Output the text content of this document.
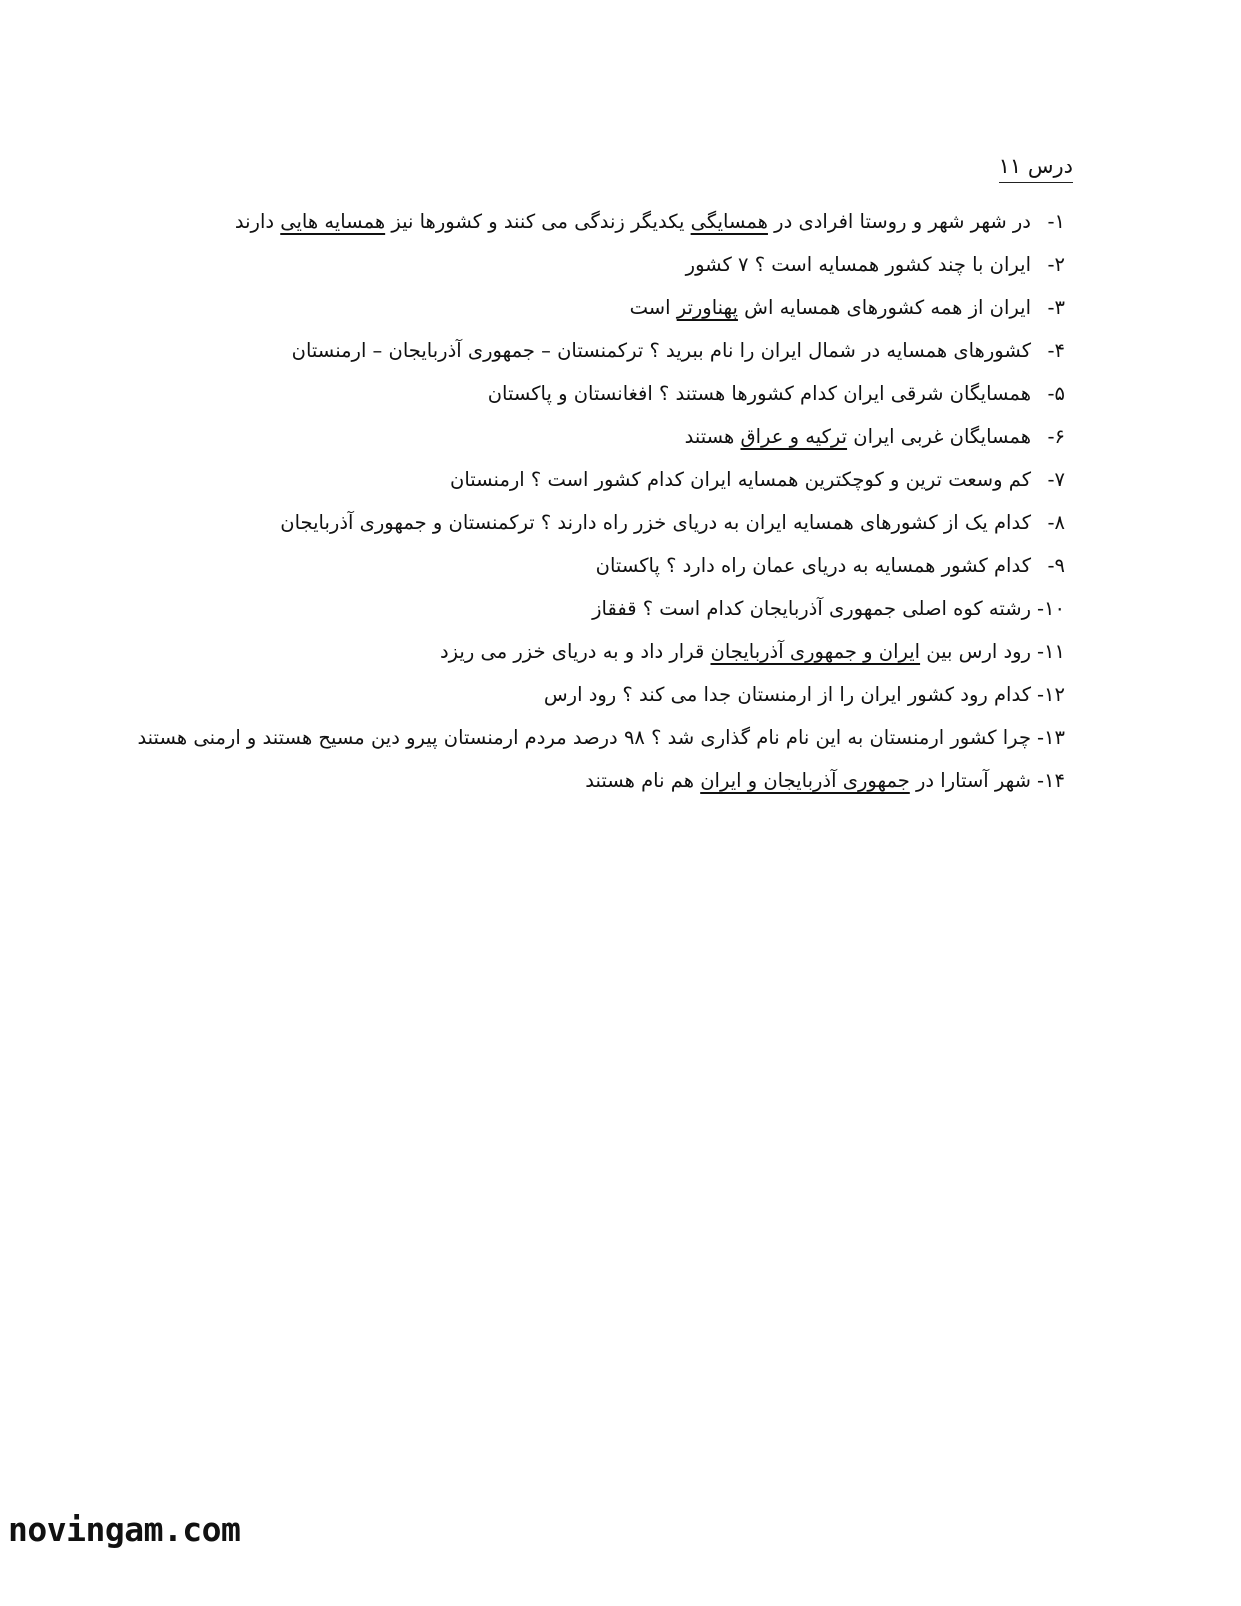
درس ۱۱
۱-در شهر شهر و روستا افرادی در همسایگی یکدیگر زندگی می کنند و کشورها نیز همسایه هایی دارند
۲-ایران با چند کشور همسایه است ؟ ۷ کشور
۳-ایران از همه کشورهای همسایه اش پهناورتر است
۴-کشورهای همسایه در شمال ایران را نام ببرید ؟ ترکمنستان – جمهوری آذربایجان – ارمنستان
۵-همسایگان شرقی ایران کدام کشورها هستند ؟ افغانستان و پاکستان
۶-همسایگان غربی ایران ترکیه و عراق هستند
۷-کم وسعت ترین و کوچکترین همسایه ایران کدام کشور است ؟ ارمنستان
۸-کدام یک از کشورهای همسایه ایران به دریای خزر راه دارند ؟ ترکمنستان و جمهوری آذربایجان
۹-کدام کشور همسایه به دریای عمان راه دارد ؟ پاکستان
۱۰-رشته کوه اصلی جمهوری آذربایجان کدام است ؟ قفقاز
۱۱-رود ارس بین ایران و جمهوری آذربایجان قرار داد و به دریای خزر می ریزد
۱۲-کدام رود کشور ایران را از ارمنستان جدا می کند ؟ رود ارس
۱۳-چرا کشور ارمنستان به این نام نام گذاری شد ؟ ۹۸ درصد مردم ارمنستان پیرو دین مسیح هستند و ارمنی هستند
۱۴-شهر آستارا در جمهوری آذربایجان و ایران هم نام هستند
novingam.com
